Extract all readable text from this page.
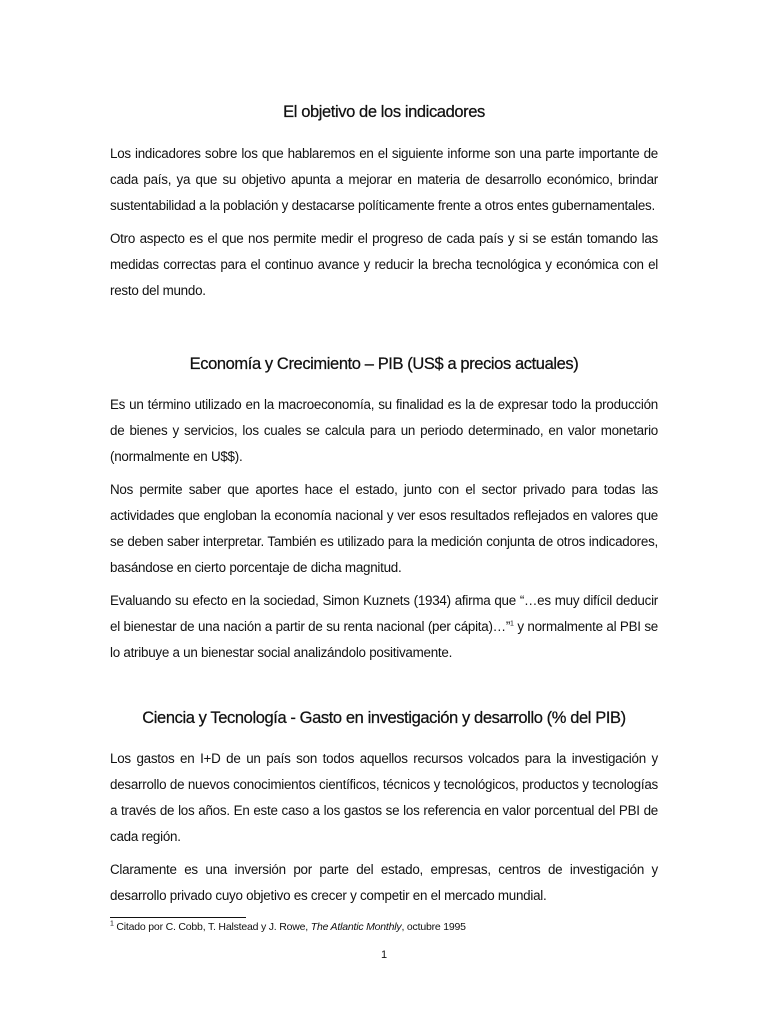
El objetivo de los indicadores

Los indicadores sobre los que hablaremos en el siguiente informe son una parte importante de cada país, ya que su objetivo apunta a mejorar en materia de desarrollo económico, brindar sustentabilidad a la población y destacarse políticamente frente a otros entes gubernamentales.

Otro aspecto es el que nos permite medir el progreso de cada país y si se están tomando las medidas correctas para el continuo avance y reducir la brecha tecnológica y económica con el resto del mundo.

Economía y Crecimiento – PIB (US$ a precios actuales)

Es un término utilizado en la macroeconomía, su finalidad es la de expresar todo la producción de bienes y servicios, los cuales se calcula para un periodo determinado, en valor monetario (normalmente en U$$).

Nos permite saber que aportes hace el estado, junto con el sector privado para todas las actividades que engloban la economía nacional y ver esos resultados reflejados en valores que se deben saber interpretar. También es utilizado para la medición conjunta de otros indicadores, basándose en cierto porcentaje de dicha magnitud.

Evaluando su efecto en la sociedad, Simon Kuznets (1934) afirma que “…es muy difícil deducir el bienestar de una nación a partir de su renta nacional (per cápita)…”$^1$ y normalmente al PBI se lo atribuye a un bienestar social analizándolo positivamente.

Ciencia y Tecnología - Gasto en investigación y desarrollo (% del PIB)

Los gastos en I+D de un país son todos aquellos recursos volcados para la investigación y desarrollo de nuevos conocimientos científicos, técnicos y tecnológicos, productos y tecnologías a través de los años. En este caso a los gastos se los referencia en valor porcentual del PBI de cada región.

Claramente es una inversión por parte del estado, empresas, centros de investigación y desarrollo privado cuyo objetivo es crecer y competir en el mercado mundial.

$^1$ Citado por C. Cobb, T. Halstead y J. Rowe, The Atlantic Monthly, octubre 1995
1
